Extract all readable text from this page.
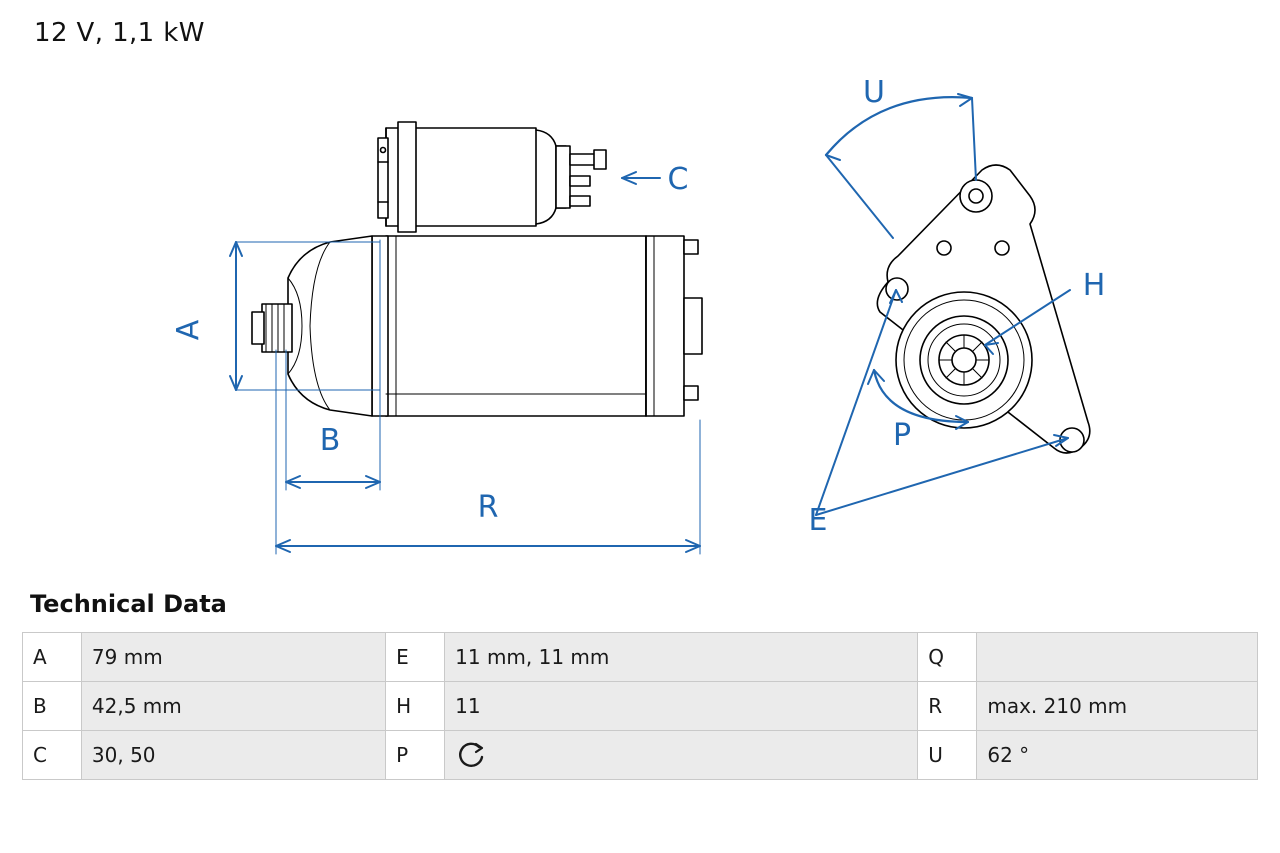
12 V, 1,1 kW
A
B
R
C
U
H
P
E
Technical Data
A	79 mm	E	11 mm, 11 mm	Q	
B	42,5 mm	H	11	R	max. 210 mm
C	30, 50	P		U	62 °
